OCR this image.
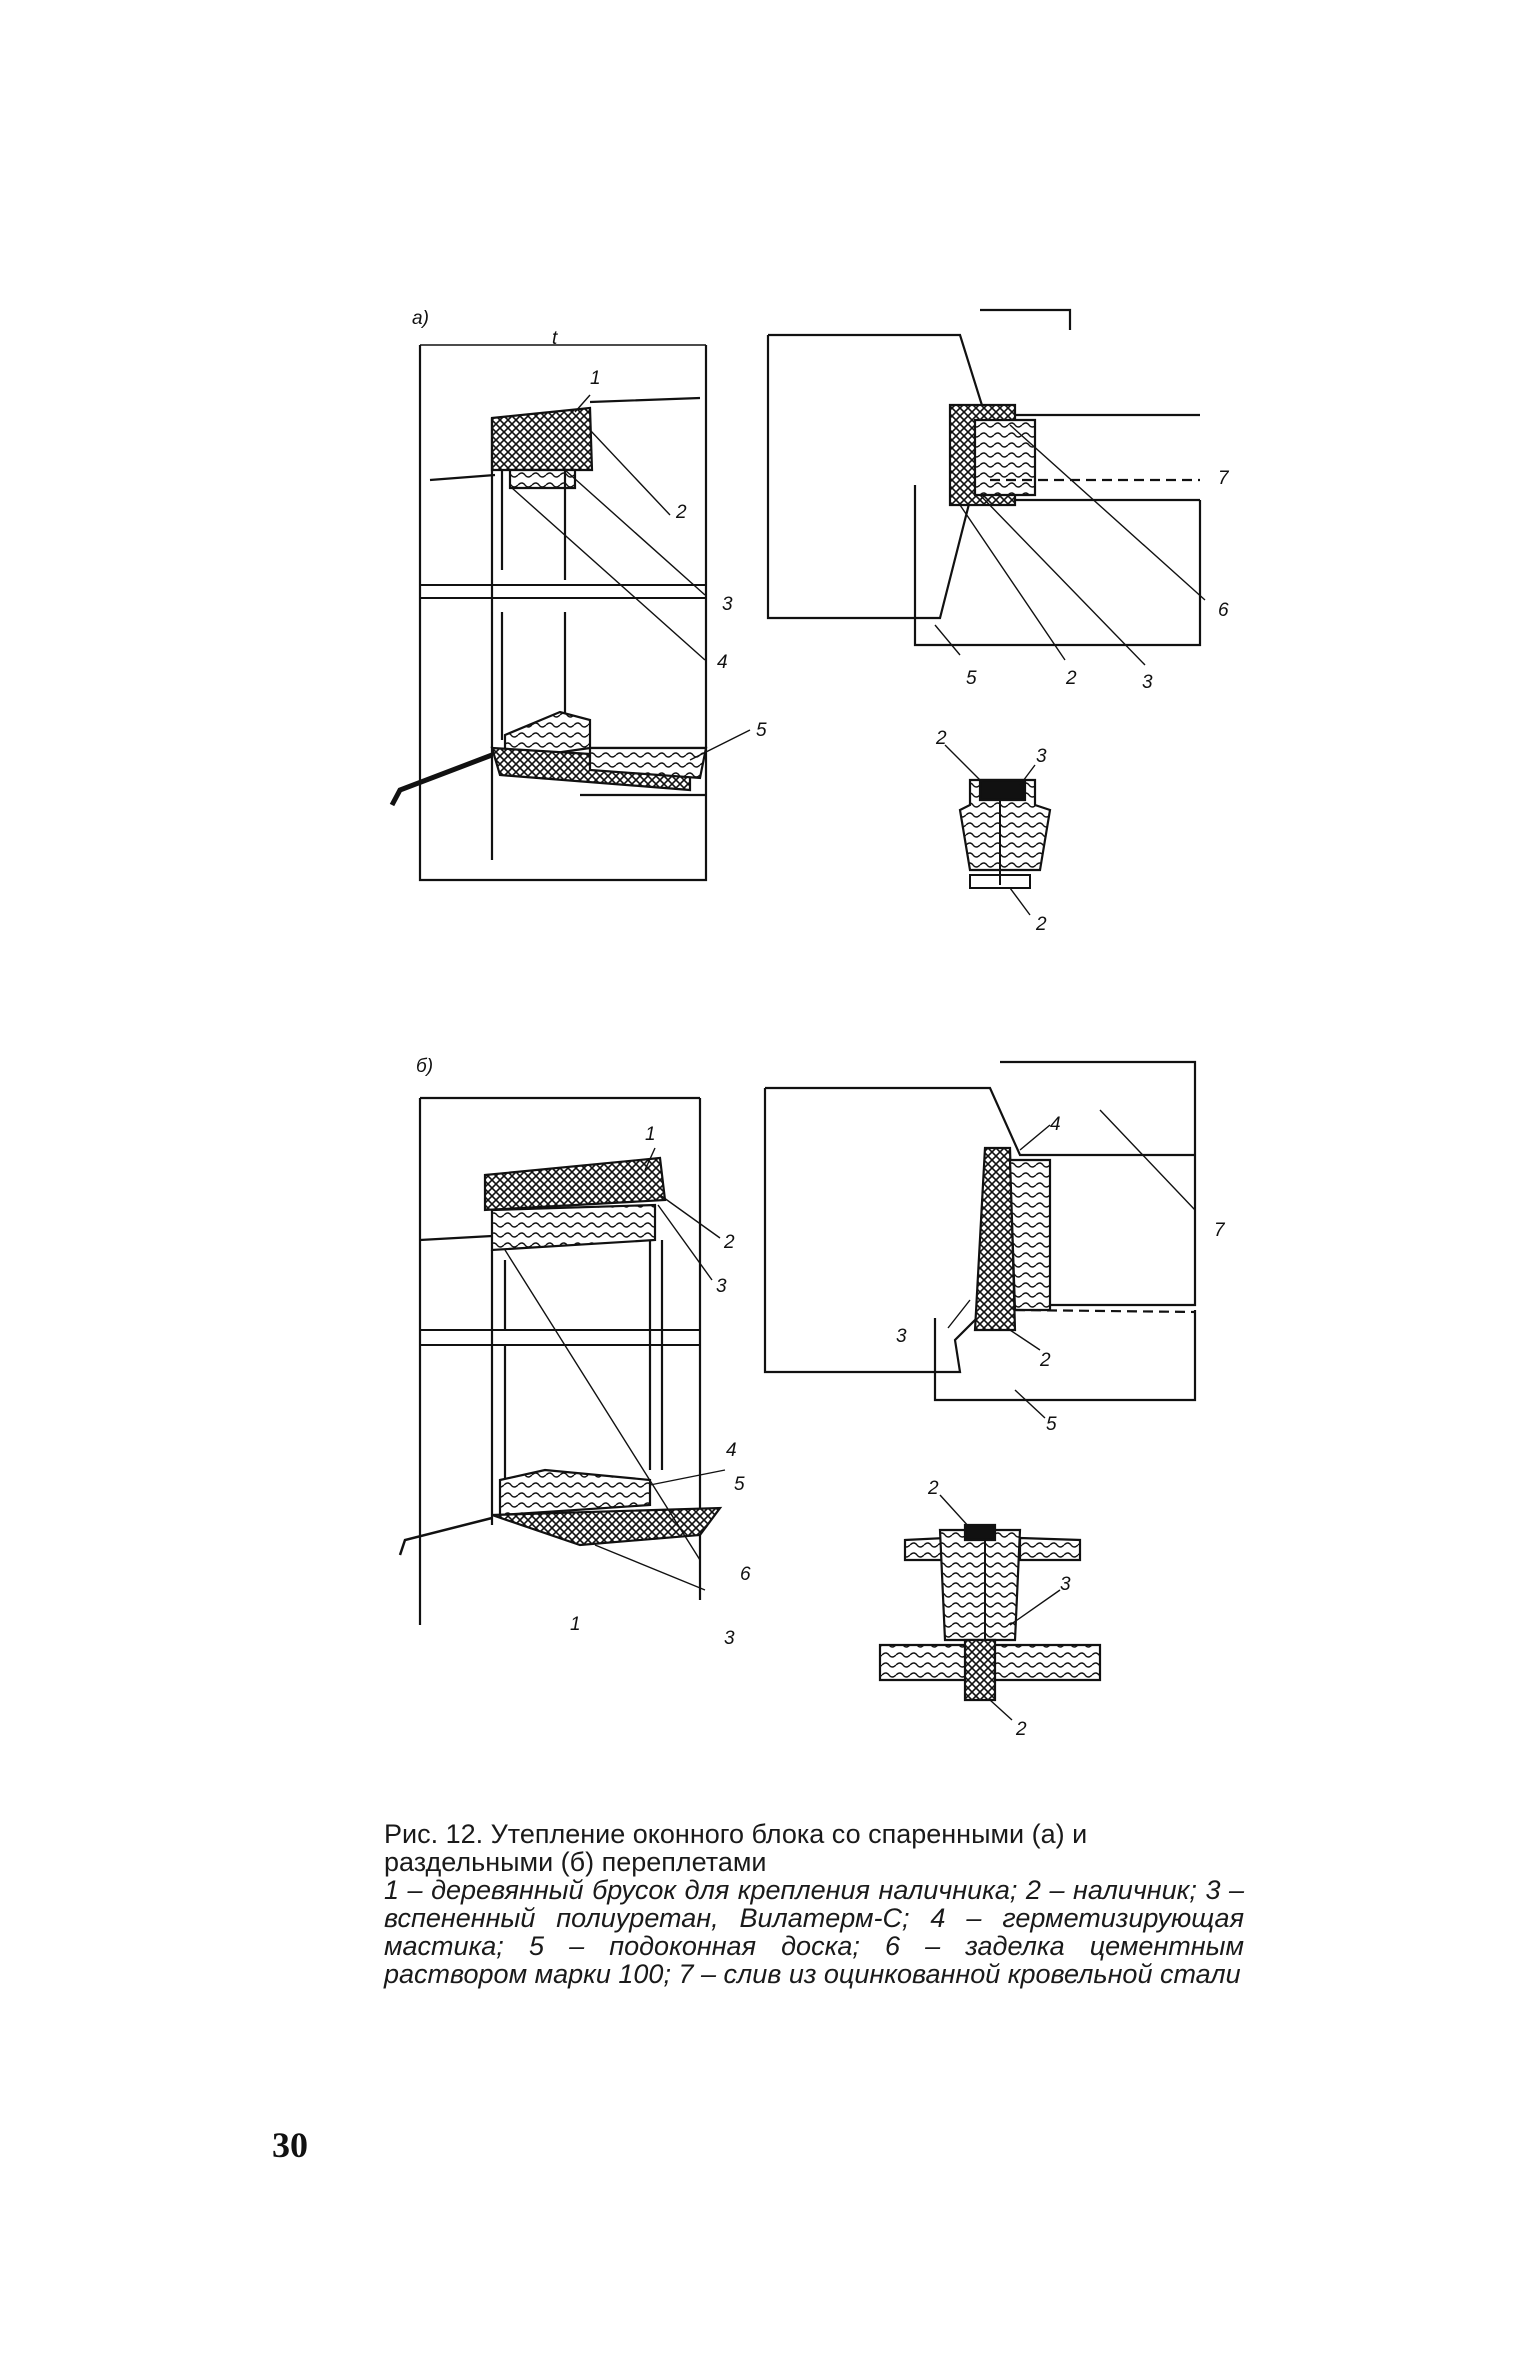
а)
t
1
2
3
4
5
7
6
5	2	3
2
3
2
б)
1
2
3
4
5
6
1
3
4
7
3
2
5
2
3
2
Рис. 12. Утепление оконного блока со спаренными (а) и раздельными (б) переплетами
1 – деревянный брусок для крепления наличника; 2 – наличник; 3 – вспененный полиуретан, Вилатерм-С; 4 – герметизирующая мастика; 5 – подоконная доска; 6 – заделка цементным раствором марки 100; 7 – слив из оцинкованной кровельной стали
30
